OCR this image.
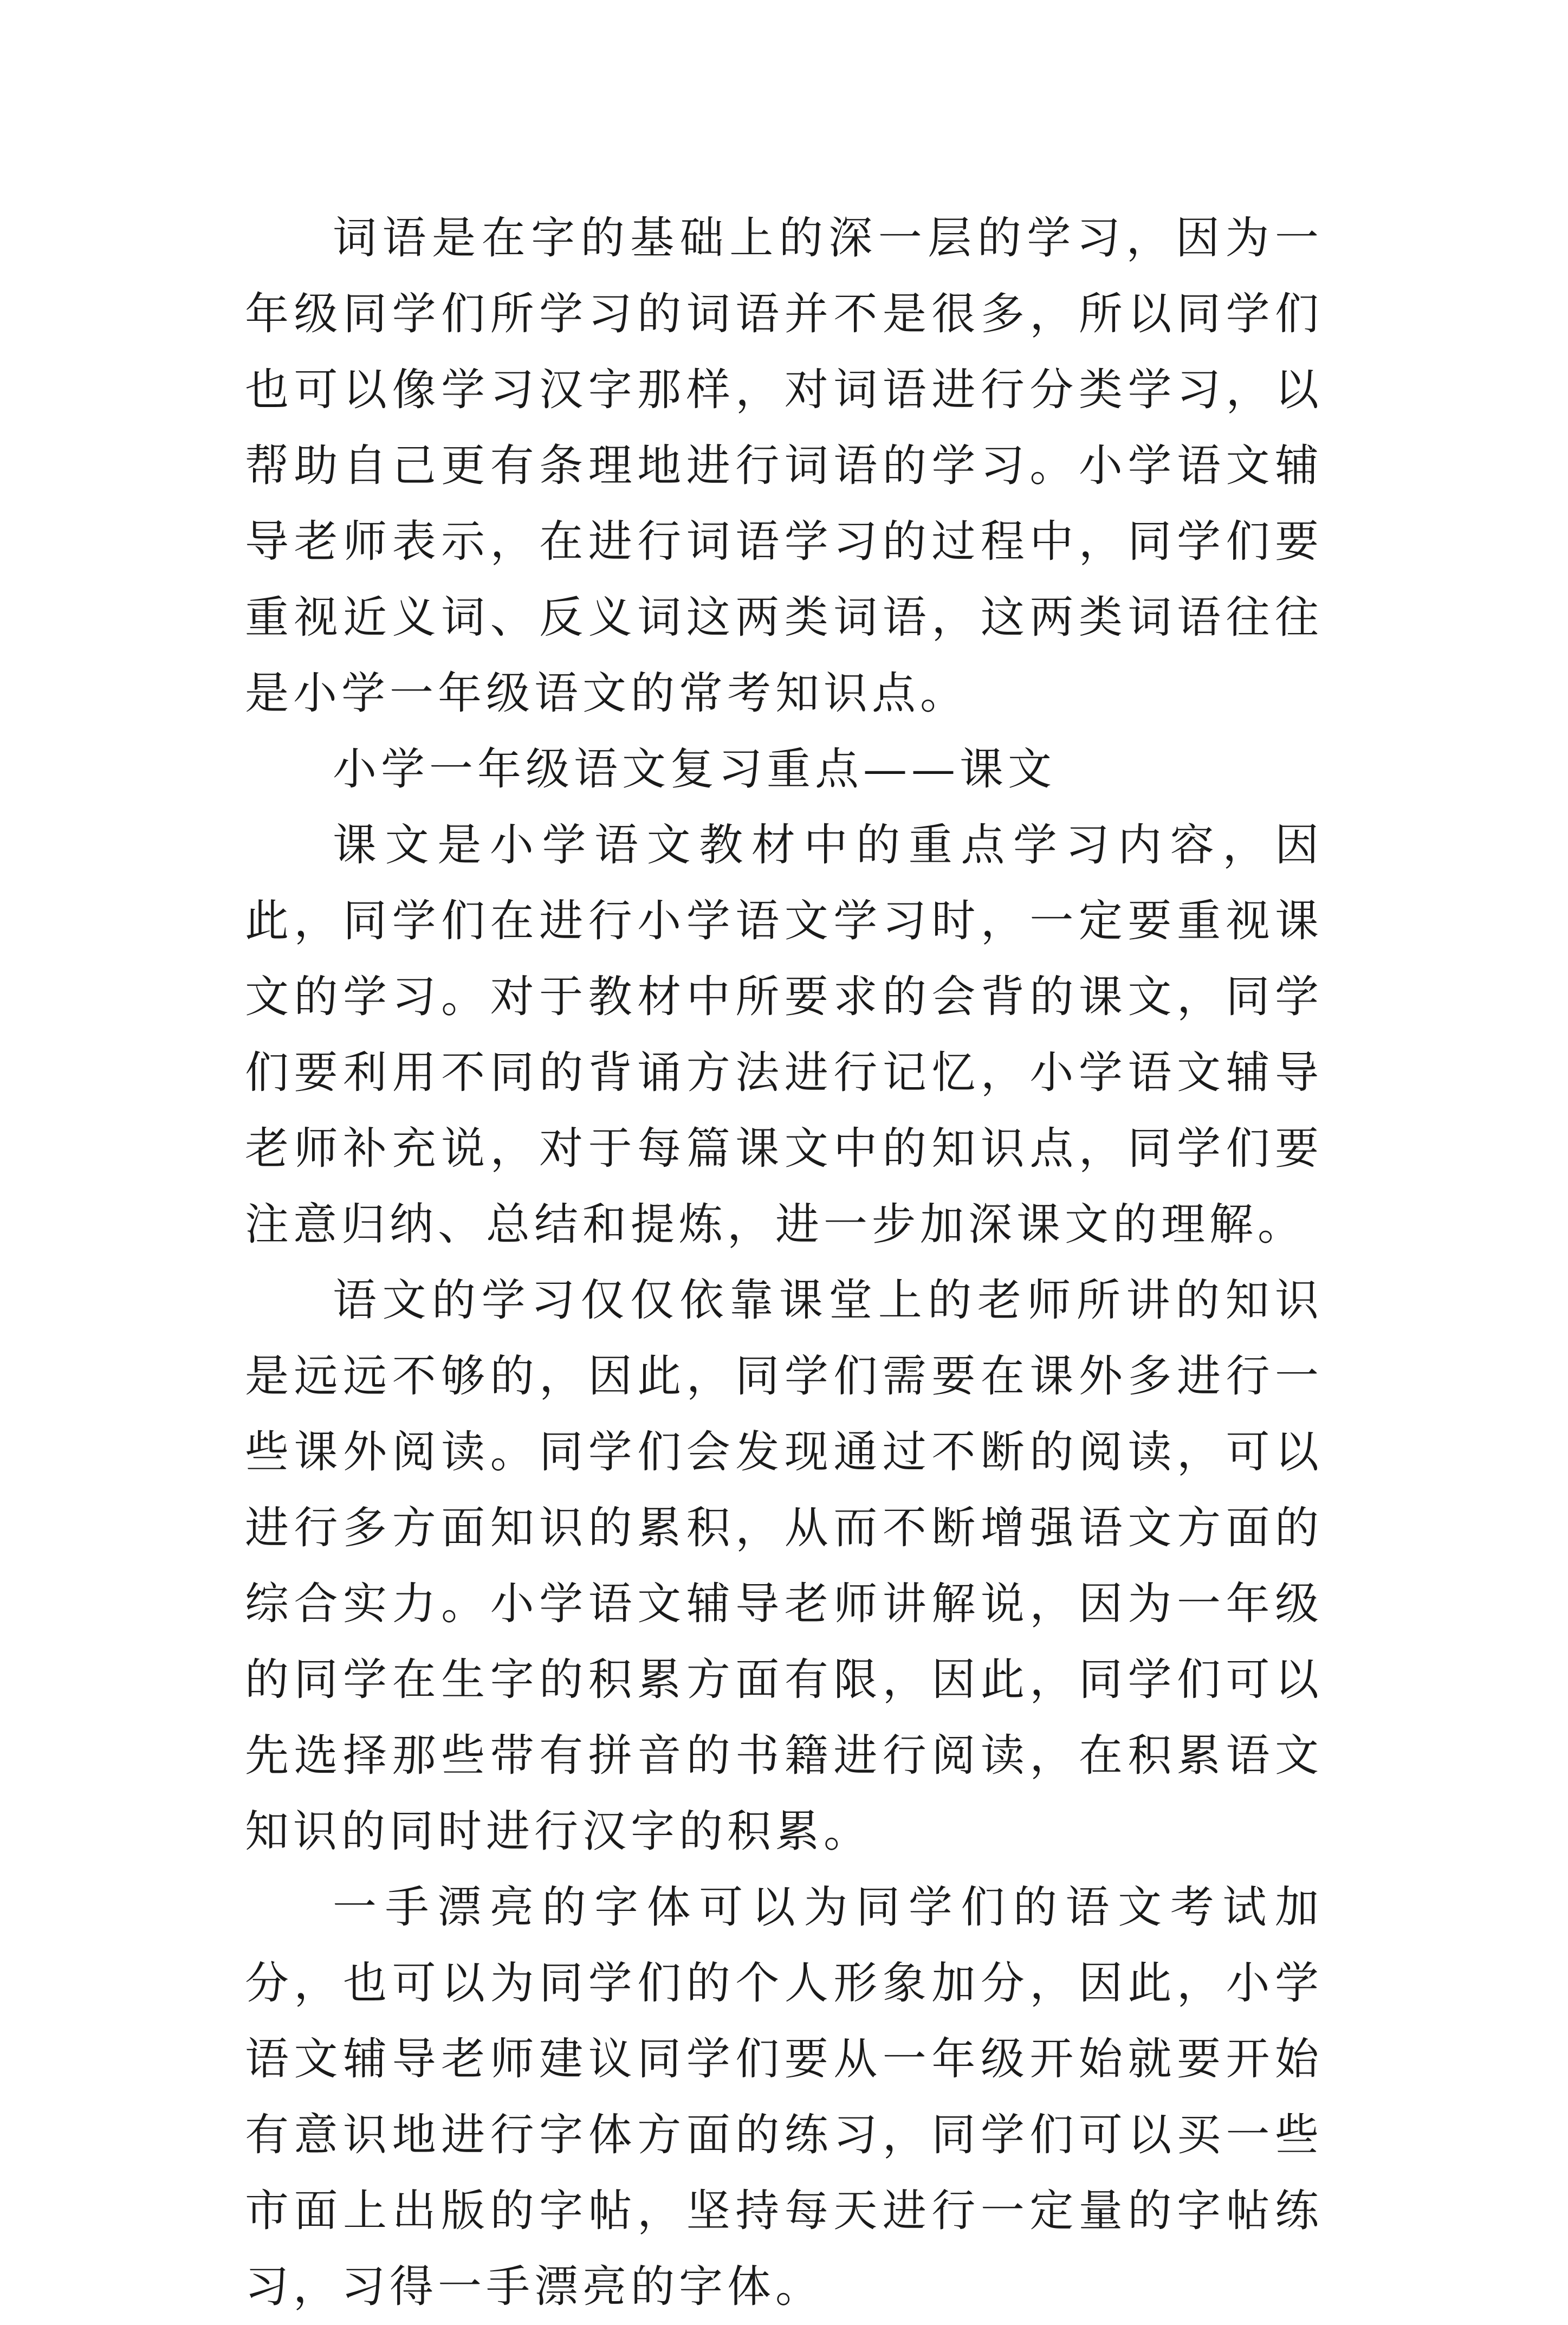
词语是在字的基础上的深一层的学习，因为一年级同学们所学习的词语并不是很多，所以同学们也可以像学习汉字那样，对词语进行分类学习，以帮助自己更有条理地进行词语的学习。小学语文辅导老师表示，在进行词语学习的过程中，同学们要重视近义词、反义词这两类词语，这两类词语往往是小学一年级语文的常考知识点。

小学一年级语文复习重点——课文

课文是小学语文教材中的重点学习内容，因此，同学们在进行小学语文学习时，一定要重视课文的学习。对于教材中所要求的会背的课文，同学们要利用不同的背诵方法进行记忆，小学语文辅导老师补充说，对于每篇课文中的知识点，同学们要注意归纳、总结和提炼，进一步加深课文的理解。

语文的学习仅仅依靠课堂上的老师所讲的知识是远远不够的，因此，同学们需要在课外多进行一些课外阅读。同学们会发现通过不断的阅读，可以进行多方面知识的累积，从而不断增强语文方面的综合实力。小学语文辅导老师讲解说，因为一年级的同学在生字的积累方面有限，因此，同学们可以先选择那些带有拼音的书籍进行阅读，在积累语文知识的同时进行汉字的积累。

一手漂亮的字体可以为同学们的语文考试加分，也可以为同学们的个人形象加分，因此，小学语文辅导老师建议同学们要从一年级开始就要开始有意识地进行字体方面的练习，同学们可以买一些市面上出版的字帖，坚持每天进行一定量的字帖练习，习得一手漂亮的字体。
